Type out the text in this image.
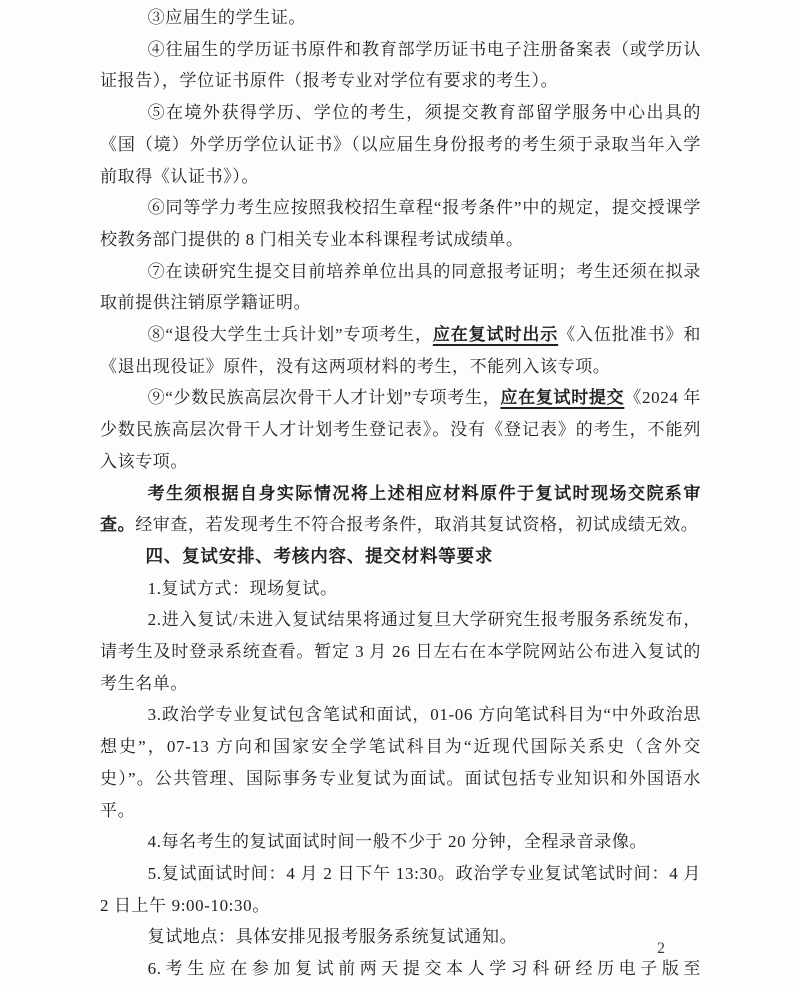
③应届生的学生证。

④往届生的学历证书原件和教育部学历证书电子注册备案表（或学历认证报告），学位证书原件（报考专业对学位有要求的考生）。

⑤在境外获得学历、学位的考生，须提交教育部留学服务中心出具的《国（境）外学历学位认证书》（以应届生身份报考的考生须于录取当年入学前取得《认证书》）。

⑥同等学力考生应按照我校招生章程“报考条件”中的规定，提交授课学校教务部门提供的 8 门相关专业本科课程考试成绩单。

⑦在读研究生提交目前培养单位出具的同意报考证明；考生还须在拟录取前提供注销原学籍证明。

⑧“退役大学生士兵计划”专项考生，应在复试时出示《入伍批准书》和《退出现役证》原件，没有这两项材料的考生，不能列入该专项。

⑨“少数民族高层次骨干人才计划”专项考生，应在复试时提交《2024 年少数民族高层次骨干人才计划考生登记表》。没有《登记表》的考生，不能列入该专项。

考生须根据自身实际情况将上述相应材料原件于复试时现场交院系审查。经审查，若发现考生不符合报考条件，取消其复试资格，初试成绩无效。

四、复试安排、考核内容、提交材料等要求

1.复试方式：现场复试。

2.进入复试/未进入复试结果将通过复旦大学研究生报考服务系统发布，请考生及时登录系统查看。暂定 3 月 26 日左右在本学院网站公布进入复试的考生名单。

3.政治学专业复试包含笔试和面试，01-06 方向笔试科目为“中外政治思想史”，07-13 方向和国家安全学笔试科目为“近现代国际关系史（含外交史）”。公共管理、国际事务专业复试为面试。面试包括专业知识和外国语水平。

4.每名考生的复试面试时间一般不少于 20 分钟，全程录音录像。

5.复试面试时间：4 月 2 日下午 13:30。政治学专业复试笔试时间：4 月 2 日上午 9:00-10:30。

复试地点：具体安排见报考服务系统复试通知。

6.考生应在参加复试前两天提交本人学习科研经历电子版至

2
